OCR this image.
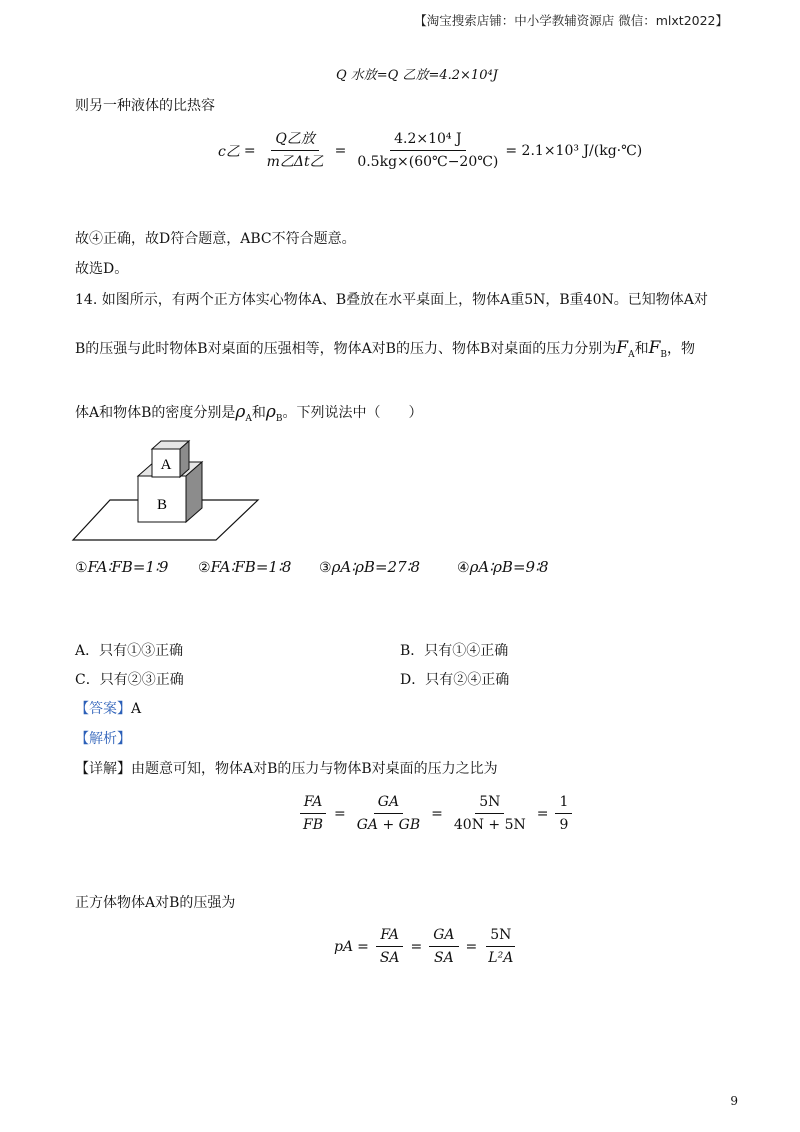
【淘宝搜索店铺：中小学教辅资源店 微信：mlxt2022】
Q 水放=Q 乙放=4.2×10⁴J
则另一种液体的比热容
c乙 = $\frac{\text{Q乙放}}{\text{m乙Δt乙}} = \frac{\text{4.2×10⁴ J}}{0.5kg\times(60℃-20℃)} = 2.1\times 10^3$ J/(kg·℃)
故④正确，故D符合题意，ABC不符合题意。
故选D。
14. 如图所示，有两个正方体实心物体A、B叠放在水平桌面上，物体A重5N，B重40N。已知物体A对
B的压强与此时物体B对桌面的压强相等，物体A对B的压力、物体B对桌面的压力分别为$F_A$和$F_B$，物
体A和物体B的密度分别是$\rho_A$和$\rho_B$。下列说法中（　　）
A
B
①FA∶FB=1∶9 ②FA∶FB=1∶8 ③ρA∶ρB=27∶8	④ρA∶ρB=9∶8
A．只有①③正确	B．只有①④正确
C．只有②③正确	D．只有②④正确
【答案】A
【解析】
【详解】由题意可知，物体A对B的压力与物体B对桌面的压力之比为
$\frac{FA}{FB} = \frac{GA}{GA + GB} = \frac{5N}{40N + 5N} = \frac{1}{9}$
正方体物体A对B的压强为
pA = $\frac{FA}{SA} = \frac{GA}{SA} = \frac{5N}{\text{L²A}}$
9
